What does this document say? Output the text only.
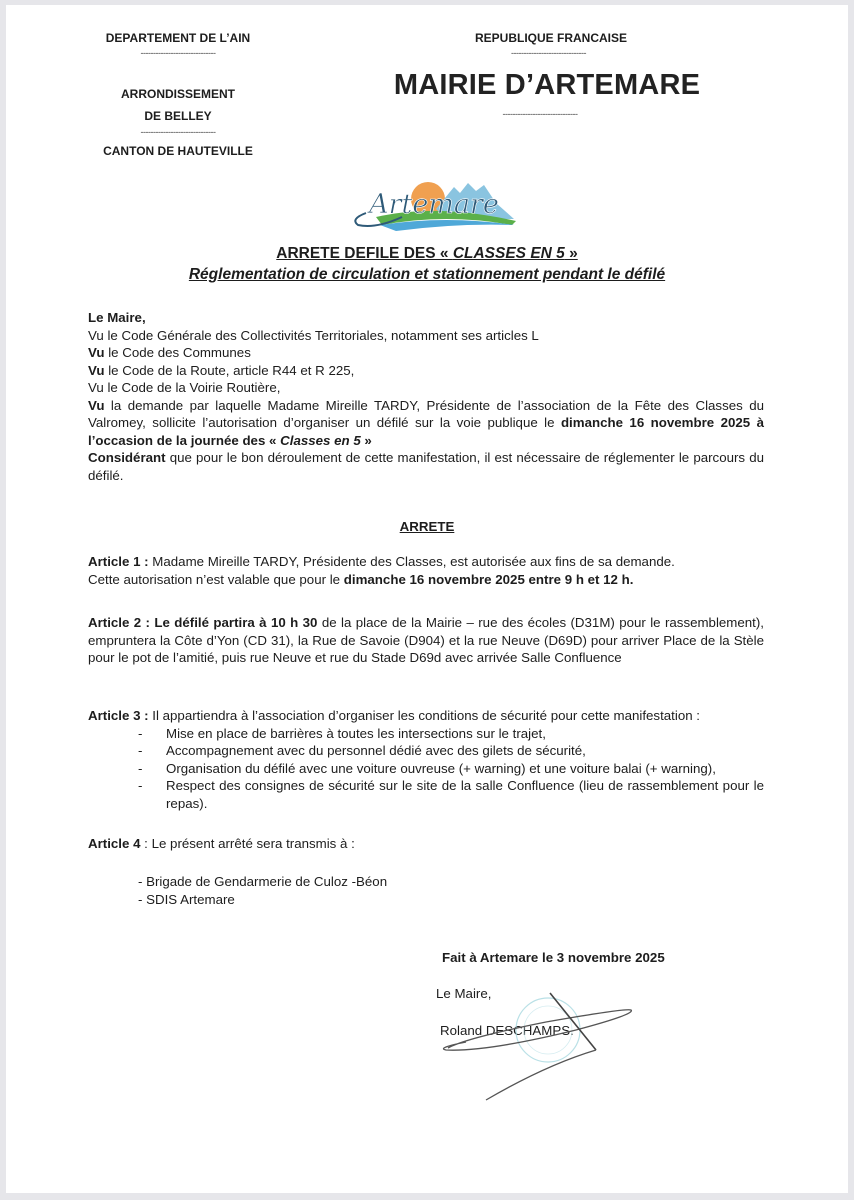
DEPARTEMENT DE L’AIN
------------------------------
ARRONDISSEMENT
DE BELLEY
------------------------------
CANTON DE HAUTEVILLE
REPUBLIQUE FRANCAISE
------------------------------
MAIRIE D’ARTEMARE
------------------------------
Artemare
ARRETE DEFILE DES « CLASSES EN 5 »
Réglementation de circulation et stationnement pendant le défilé
Le Maire,
Vu le Code Générale des Collectivités Territoriales, notamment ses articles L
Vu le Code des Communes
Vu le Code de la Route, article R44 et R 225,
Vu le Code de la Voirie Routière,
Vu la demande par laquelle Madame Mireille TARDY, Présidente de l’association de la Fête des Classes du Valromey, sollicite l’autorisation d’organiser un défilé sur la voie publique le dimanche 16 novembre 2025 à l’occasion de la journée des « Classes en 5 »
Considérant que pour le bon déroulement de cette manifestation, il est nécessaire de réglementer le parcours du défilé.
ARRETE
Article 1 : Madame Mireille TARDY, Présidente des Classes, est autorisée aux fins de sa demande.
Cette autorisation n’est valable que pour le dimanche 16 novembre 2025 entre 9 h et 12 h.
Article 2 : Le défilé partira à 10 h 30 de la place de la Mairie – rue des écoles (D31M) pour le rassemblement), empruntera la Côte d’Yon (CD 31), la Rue de Savoie (D904) et la rue Neuve (D69D) pour arriver Place de la Stèle pour le pot de l’amitié, puis rue Neuve et rue du Stade D69d avec arrivée Salle Confluence
Article 3 : Il appartiendra à l’association d’organiser les conditions de sécurité pour cette manifestation :
- Mise en place de barrières à toutes les intersections sur le trajet,
- Accompagnement avec du personnel dédié avec des gilets de sécurité,
- Organisation du défilé avec une voiture ouvreuse (+ warning) et une voiture balai (+ warning),
- Respect des consignes de sécurité sur le site de la salle Confluence (lieu de rassemblement pour le repas).
Article 4 : Le présent arrêté sera transmis à :
- Brigade de Gendarmerie de Culoz -Béon
- SDIS Artemare
Fait à Artemare le 3 novembre 2025
Le Maire,
Roland DESCHAMPS.
